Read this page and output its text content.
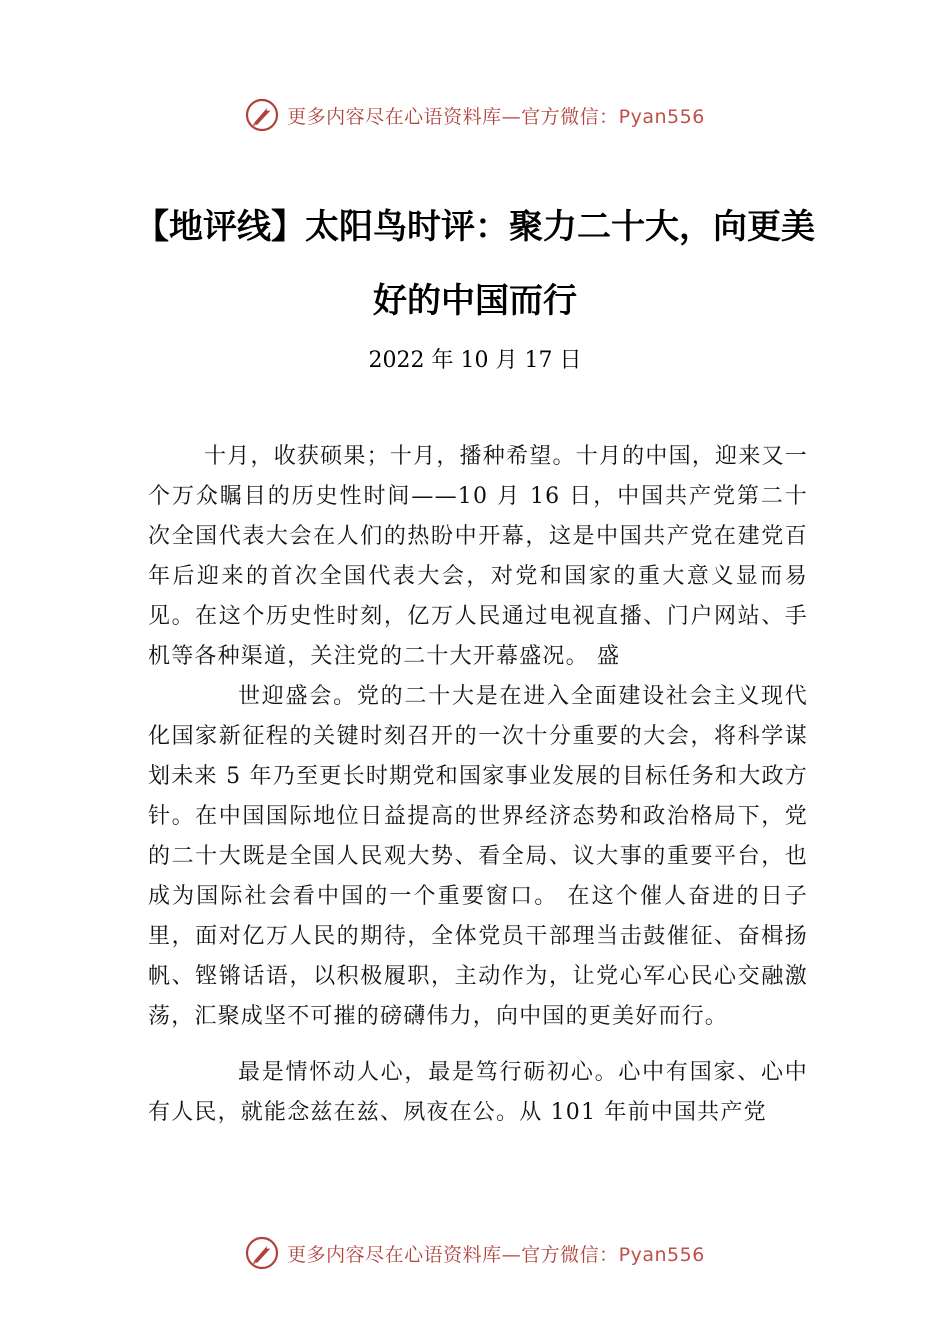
更多内容尽在心语资料库—官方微信：Pyan556
【地评线】太阳鸟时评：聚力二十大，向更美好的中国而行
2022 年 10 月 17 日

十月，收获硕果；十月，播种希望。十月的中国，迎来又一个万众瞩目的历史性时间——10 月 16 日，中国共产党第二十次全国代表大会在人们的热盼中开幕，这是中国共产党在建党百年后迎来的首次全国代表大会，对党和国家的重大意义显而易见。在这个历史性时刻，亿万人民通过电视直播、门户网站、手机等各种渠道，关注党的二十大开幕盛况。 盛

世迎盛会。党的二十大是在进入全面建设社会主义现代化国家新征程的关键时刻召开的一次十分重要的大会，将科学谋划未来 5 年乃至更长时期党和国家事业发展的目标任务和大政方针。在中国国际地位日益提高的世界经济态势和政治格局下，党的二十大既是全国人民观大势、看全局、议大事的重要平台，也成为国际社会看中国的一个重要窗口。 在这个催人奋进的日子里，面对亿万人民的期待，全体党员干部理当击鼓催征、奋楫扬帆、铿锵话语，以积极履职，主动作为，让党心军心民心交融激荡，汇聚成坚不可摧的磅礴伟力，向中国的更美好而行。

最是情怀动人心，最是笃行砺初心。心中有国家、心中有人民，就能念兹在兹、夙夜在公。从 101 年前中国共产党

更多内容尽在心语资料库—官方微信：Pyan556
